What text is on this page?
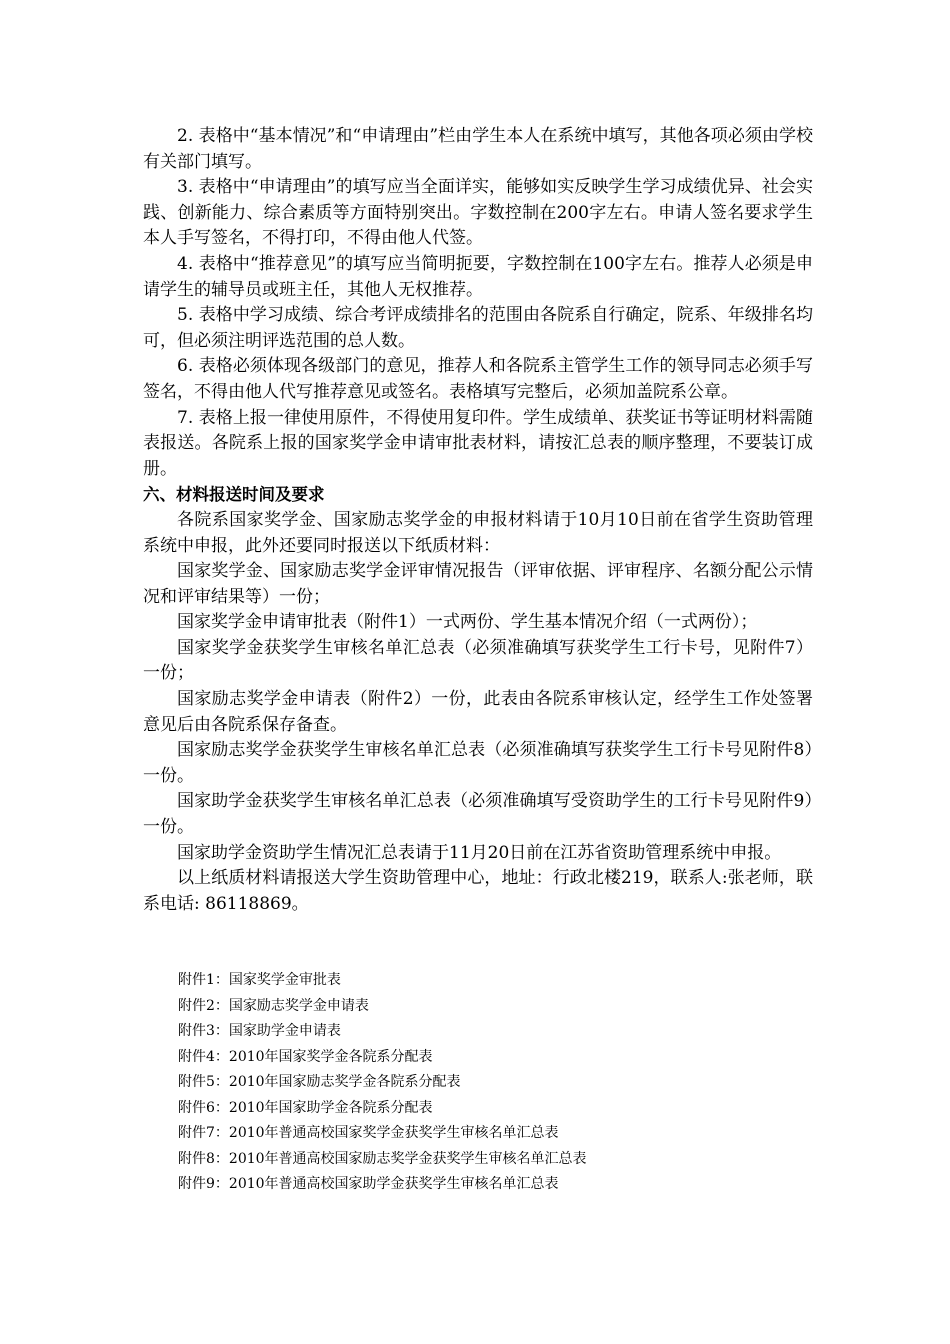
2. 表格中“基本情况”和“申请理由”栏由学生本人在系统中填写，其他各项必须由学校有关部门填写。

3. 表格中“申请理由”的填写应当全面详实，能够如实反映学生学习成绩优异、社会实践、创新能力、综合素质等方面特别突出。字数控制在200字左右。申请人签名要求学生本人手写签名，不得打印，不得由他人代签。

4. 表格中“推荐意见”的填写应当简明扼要，字数控制在100字左右。推荐人必须是申请学生的辅导员或班主任，其他人无权推荐。

5. 表格中学习成绩、综合考评成绩排名的范围由各院系自行确定，院系、年级排名均可，但必须注明评选范围的总人数。

6. 表格必须体现各级部门的意见，推荐人和各院系主管学生工作的领导同志必须手写签名，不得由他人代写推荐意见或签名。表格填写完整后，必须加盖院系公章。

7. 表格上报一律使用原件，不得使用复印件。学生成绩单、获奖证书等证明材料需随表报送。各院系上报的国家奖学金申请审批表材料，请按汇总表的顺序整理，不要装订成册。

六、材料报送时间及要求

各院系国家奖学金、国家励志奖学金的申报材料请于10月10日前在省学生资助管理系统中申报，此外还要同时报送以下纸质材料：

国家奖学金、国家励志奖学金评审情况报告（评审依据、评审程序、名额分配公示情况和评审结果等）一份；

国家奖学金申请审批表（附件1）一式两份、学生基本情况介绍（一式两份）；

国家奖学金获奖学生审核名单汇总表（必须准确填写获奖学生工行卡号，见附件7）一份；

国家励志奖学金申请表（附件2）一份，此表由各院系审核认定，经学生工作处签署意见后由各院系保存备查。

国家励志奖学金获奖学生审核名单汇总表（必须准确填写获奖学生工行卡号见附件8）一份。

国家助学金获奖学生审核名单汇总表（必须准确填写受资助学生的工行卡号见附件9）一份。

国家助学金资助学生情况汇总表请于11月20日前在江苏省资助管理系统中申报。

以上纸质材料请报送大学生资助管理中心，地址：行政北楼219，联系人:张老师，联系电话: 86118869。

附件1：国家奖学金审批表
附件2：国家励志奖学金申请表
附件3：国家助学金申请表
附件4：2010年国家奖学金各院系分配表
附件5：2010年国家励志奖学金各院系分配表
附件6：2010年国家助学金各院系分配表
附件7：2010年普通高校国家奖学金获奖学生审核名单汇总表
附件8：2010年普通高校国家励志奖学金获奖学生审核名单汇总表
附件9：2010年普通高校国家助学金获奖学生审核名单汇总表
